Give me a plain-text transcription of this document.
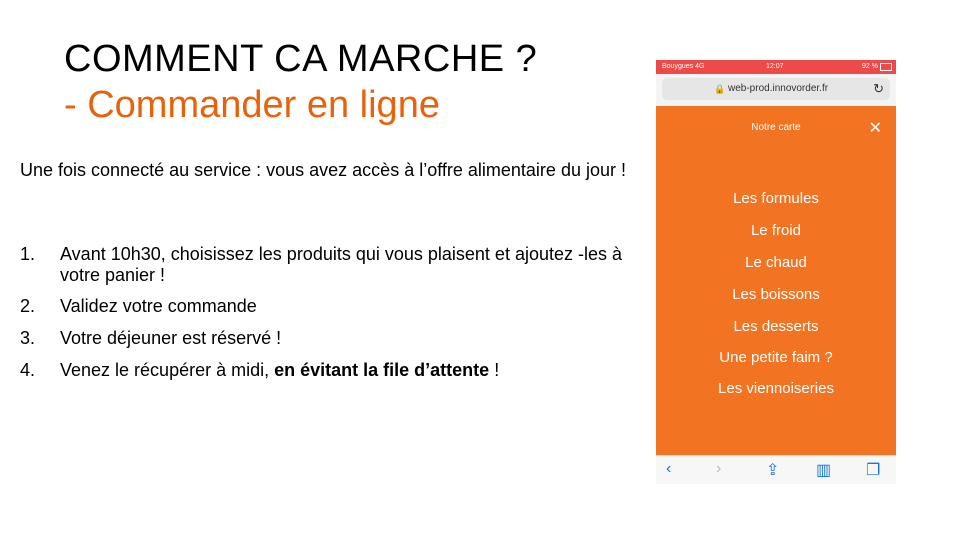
COMMENT CA MARCHE ?
- Commander en ligne
Une fois connecté au service : vous avez accès à l’offre alimentaire du jour !
1.	Avant 10h30, choisissez les produits qui vous plaisent et ajoutez -les à votre panier !
2.	Validez votre commande
3.	Votre déjeuner est réservé !
4.	Venez le récupérer à midi, en évitant la file d’attente !
Bouygues 4G	12:07	92 %
🔒 web-prod.innovorder.fr	↻
Notre carte	✕
Les formules
Le froid
Le chaud
Les boissons
Les desserts
Une petite faim ?
Les viennoiseries
‹	›	⇪ ▥ ❐
